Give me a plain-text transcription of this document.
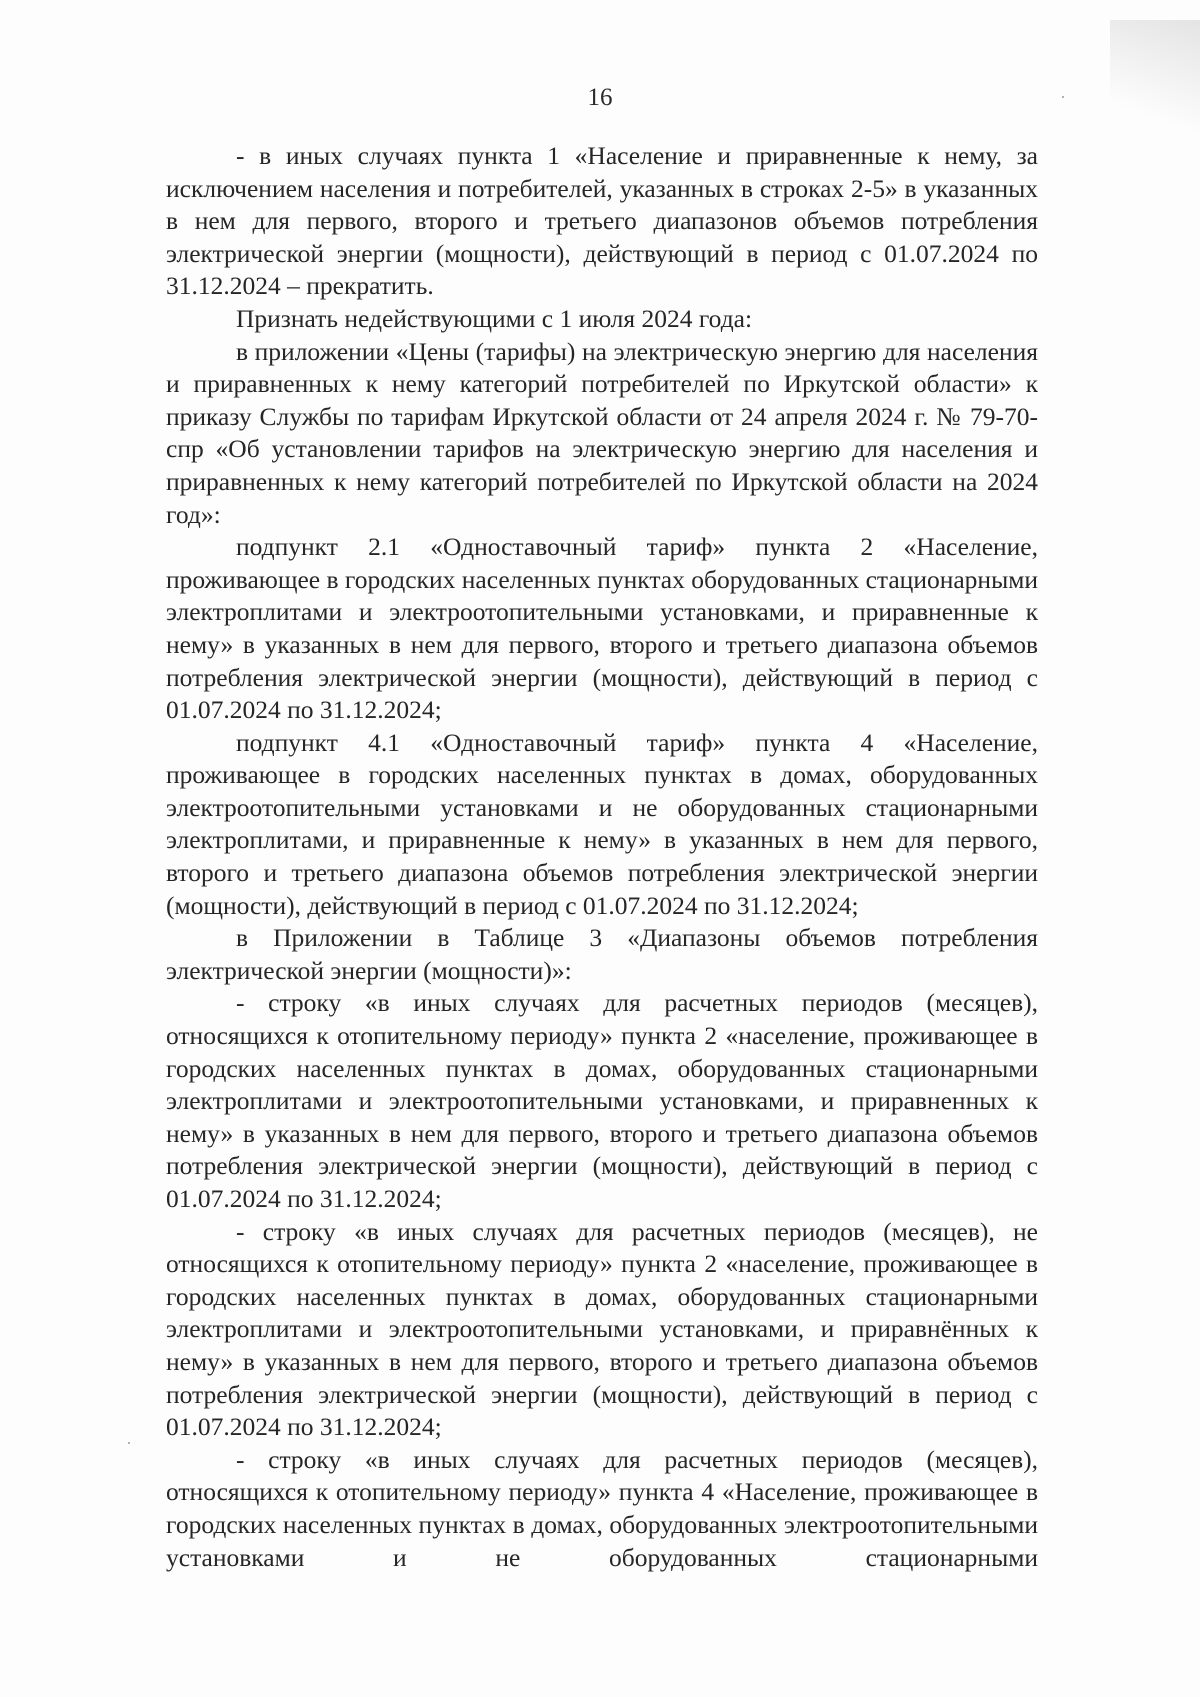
16

- в иных случаях пункта 1 «Население и приравненные к нему, за исключением населения и потребителей, указанных в строках 2-5» в указанных в нем для первого, второго и третьего диапазонов объемов потребления электрической энергии (мощности), действующий в период с 01.07.2024 по 31.12.2024 – прекратить.

Признать недействующими с 1 июля 2024 года:

в приложении «Цены (тарифы) на электрическую энергию для населения и приравненных к нему категорий потребителей по Иркутской области» к приказу Службы по тарифам Иркутской области от 24 апреля 2024 г. № 79-70-спр «Об установлении тарифов на электрическую энергию для населения и приравненных к нему категорий потребителей по Иркутской области на 2024 год»:

подпункт 2.1 «Одноставочный тариф» пункта 2 «Население, проживающее в городских населенных пунктах оборудованных стационарными электроплитами и электроотопительными установками, и приравненные к нему» в указанных в нем для первого, второго и третьего диапазона объемов потребления электрической энергии (мощности), действующий в период с 01.07.2024 по 31.12.2024;

подпункт 4.1 «Одноставочный тариф» пункта 4 «Население, проживающее в городских населенных пунктах в домах, оборудованных электроотопительными установками и не оборудованных стационарными электроплитами, и приравненные к нему» в указанных в нем для первого, второго и третьего диапазона объемов потребления электрической энергии (мощности), действующий в период с 01.07.2024 по 31.12.2024;

в Приложении в Таблице 3 «Диапазоны объемов потребления электрической энергии (мощности)»:

- строку «в иных случаях для расчетных периодов (месяцев), относящихся к отопительному периоду» пункта 2 «население, проживающее в городских населенных пунктах в домах, оборудованных стационарными электроплитами и электроотопительными установками, и приравненных к нему» в указанных в нем для первого, второго и третьего диапазона объемов потребления электрической энергии (мощности), действующий в период с 01.07.2024 по 31.12.2024;

- строку «в иных случаях для расчетных периодов (месяцев), не относящихся к отопительному периоду» пункта 2 «население, проживающее в городских населенных пунктах в домах, оборудованных стационарными электроплитами и электроотопительными установками, и приравнённых к нему» в указанных в нем для первого, второго и третьего диапазона объемов потребления электрической энергии (мощности), действующий в период с 01.07.2024 по 31.12.2024;

- строку «в иных случаях для расчетных периодов (месяцев), относящихся к отопительному периоду» пункта 4 «Население, проживающее в городских населенных пунктах в домах, оборудованных электроотопительными установками и не оборудованных стационарными
